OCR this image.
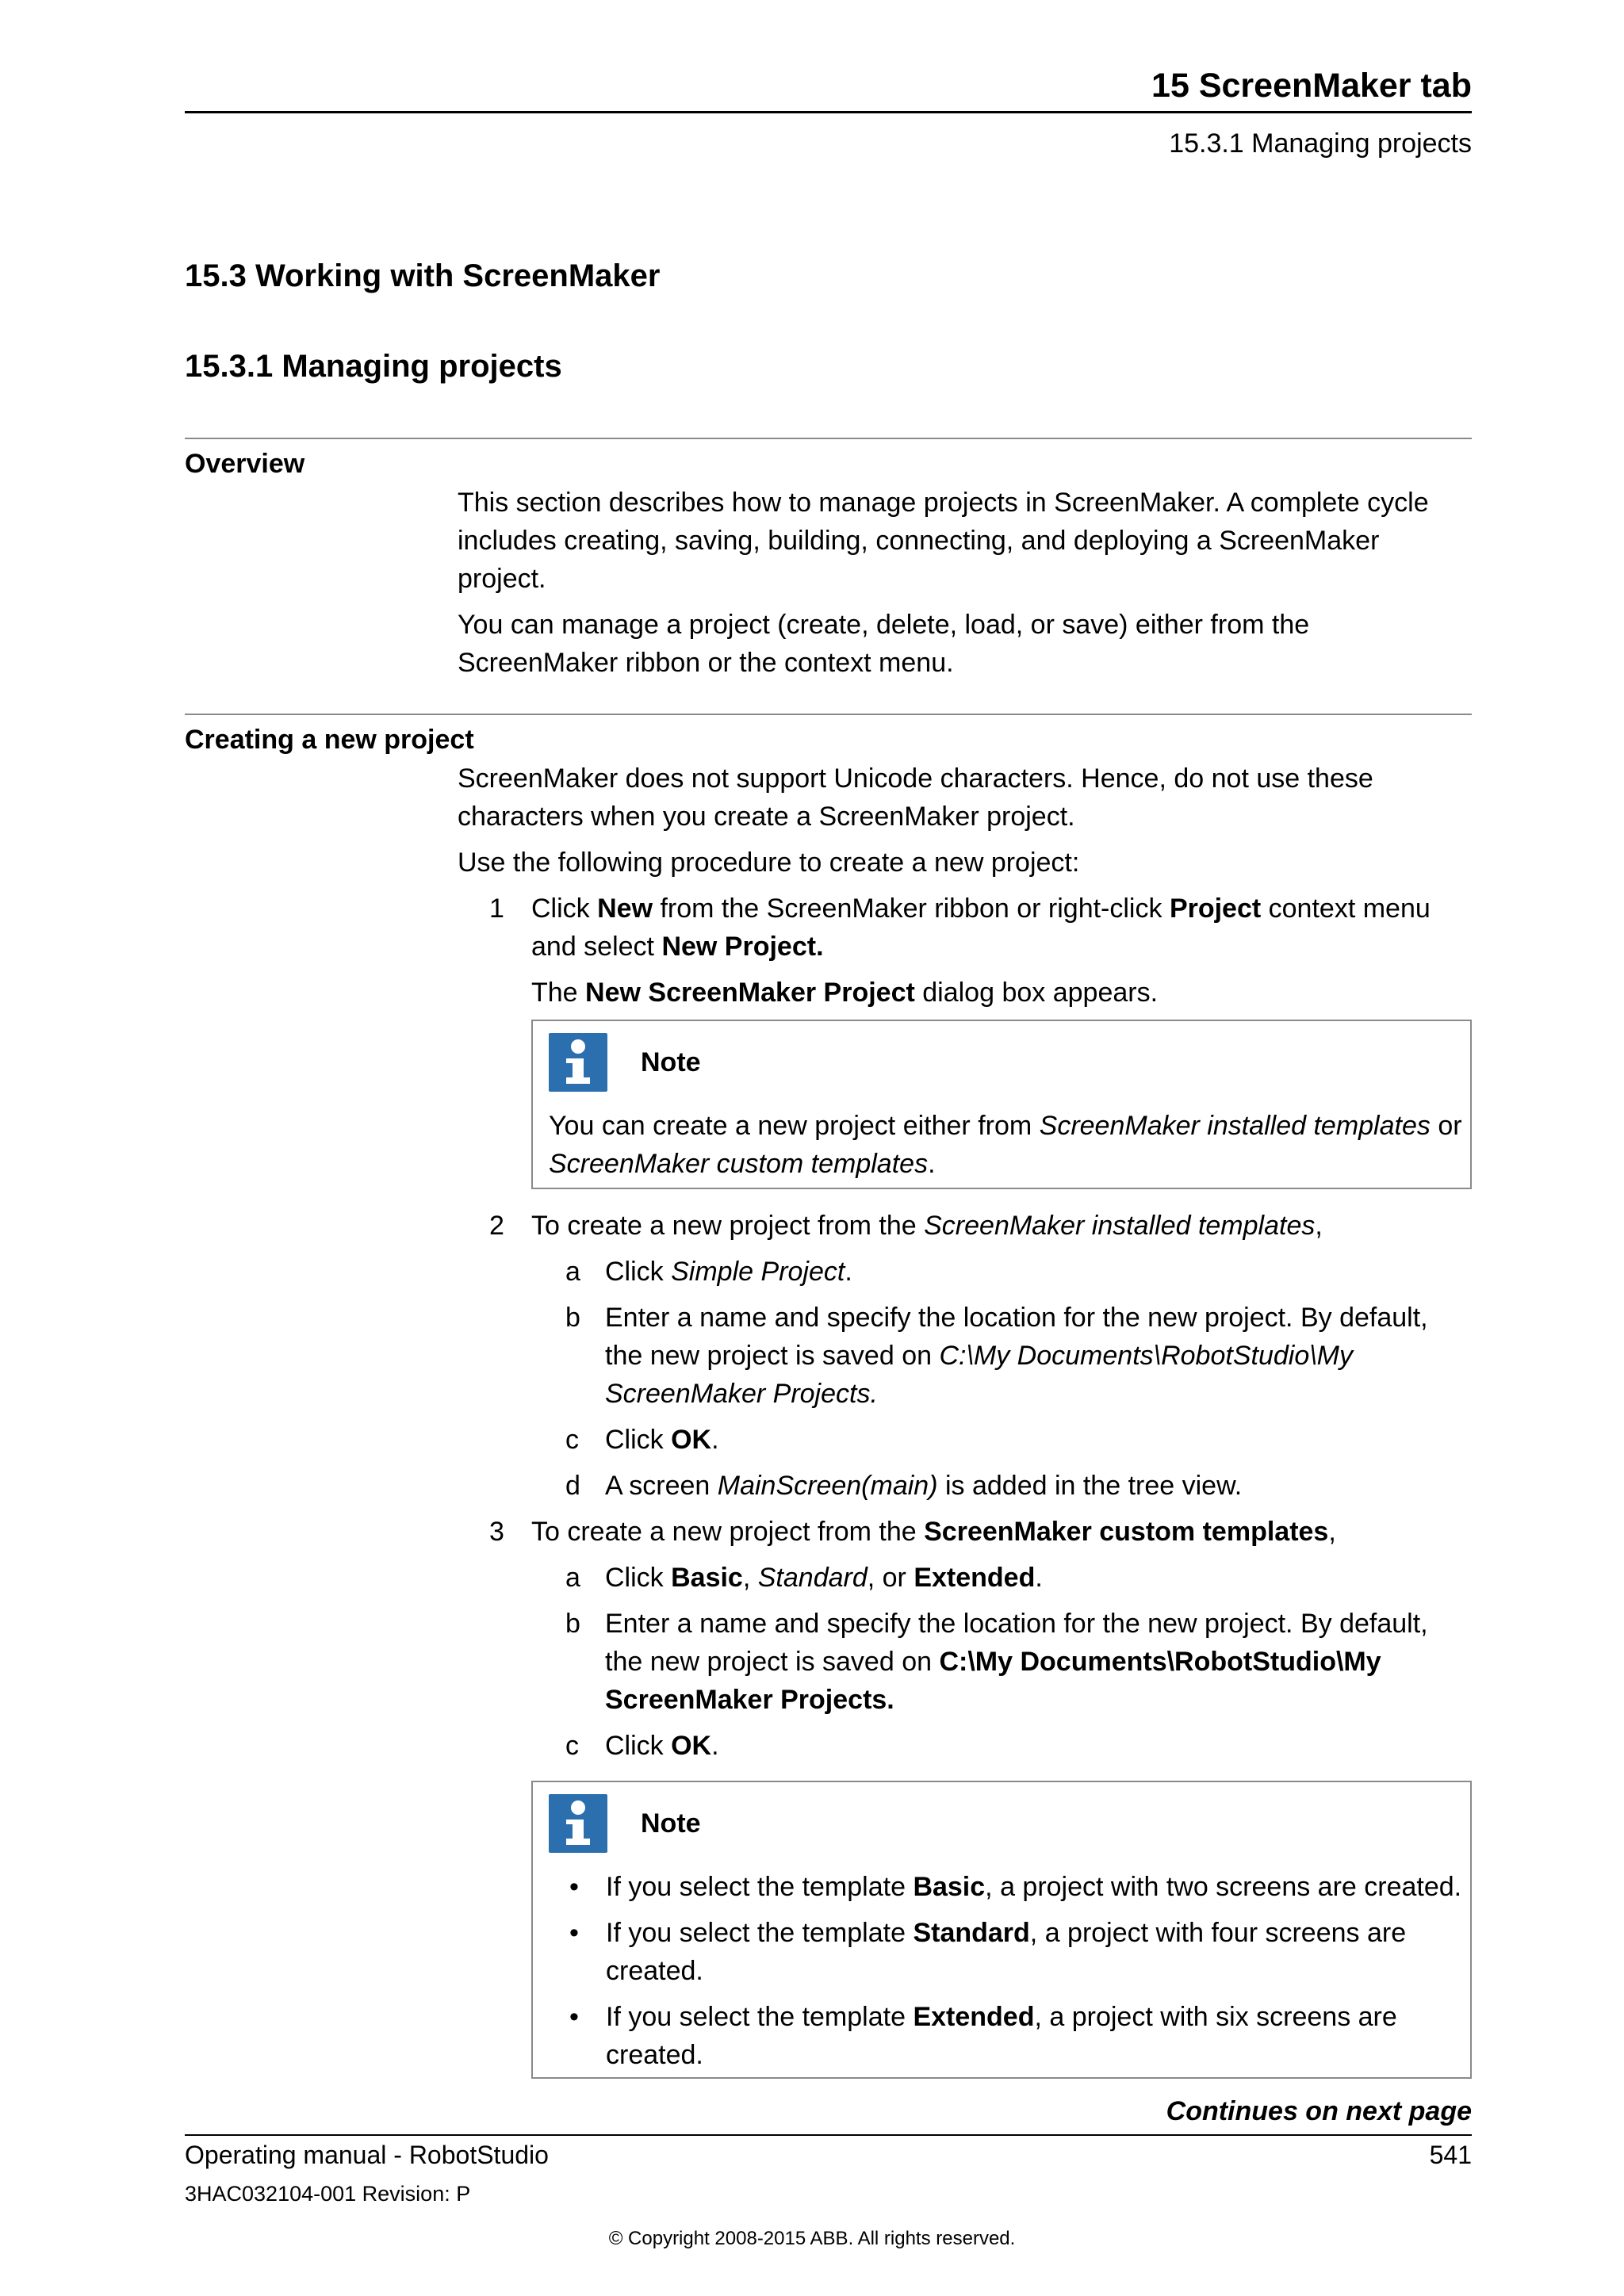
15 ScreenMaker tab
15.3.1 Managing projects
15.3 Working with ScreenMaker
15.3.1 Managing projects
Overview

This section describes how to manage projects in ScreenMaker. A complete cycle includes creating, saving, building, connecting, and deploying a ScreenMaker project.

You can manage a project (create, delete, load, or save) either from the ScreenMaker ribbon or the context menu.

Creating a new project

ScreenMaker does not support Unicode characters. Hence, do not use these characters when you create a ScreenMaker project.

Use the following procedure to create a new project:

1 Click New from the ScreenMaker ribbon or right-click Project context menu and select New Project.
The New ScreenMaker Project dialog box appears.
Note
You can create a new project either from ScreenMaker installed templates or ScreenMaker custom templates.
2 To create a new project from the ScreenMaker installed templates,
a Click Simple Project.
b Enter a name and specify the location for the new project. By default, the new project is saved on C:\My Documents\RobotStudio\My ScreenMaker Projects.
c Click OK.
d A screen MainScreen(main) is added in the tree view.
3 To create a new project from the ScreenMaker custom templates,
a Click Basic, Standard, or Extended.
b Enter a name and specify the location for the new project. By default, the new project is saved on C:\My Documents\RobotStudio\My ScreenMaker Projects.
c Click OK.
Note
• If you select the template Basic, a project with two screens are created.
• If you select the template Standard, a project with four screens are created.
• If you select the template Extended, a project with six screens are created.
Continues on next page
Operating manual - RobotStudio
3HAC032104-001 Revision: P
541
© Copyright 2008-2015 ABB. All rights reserved.
